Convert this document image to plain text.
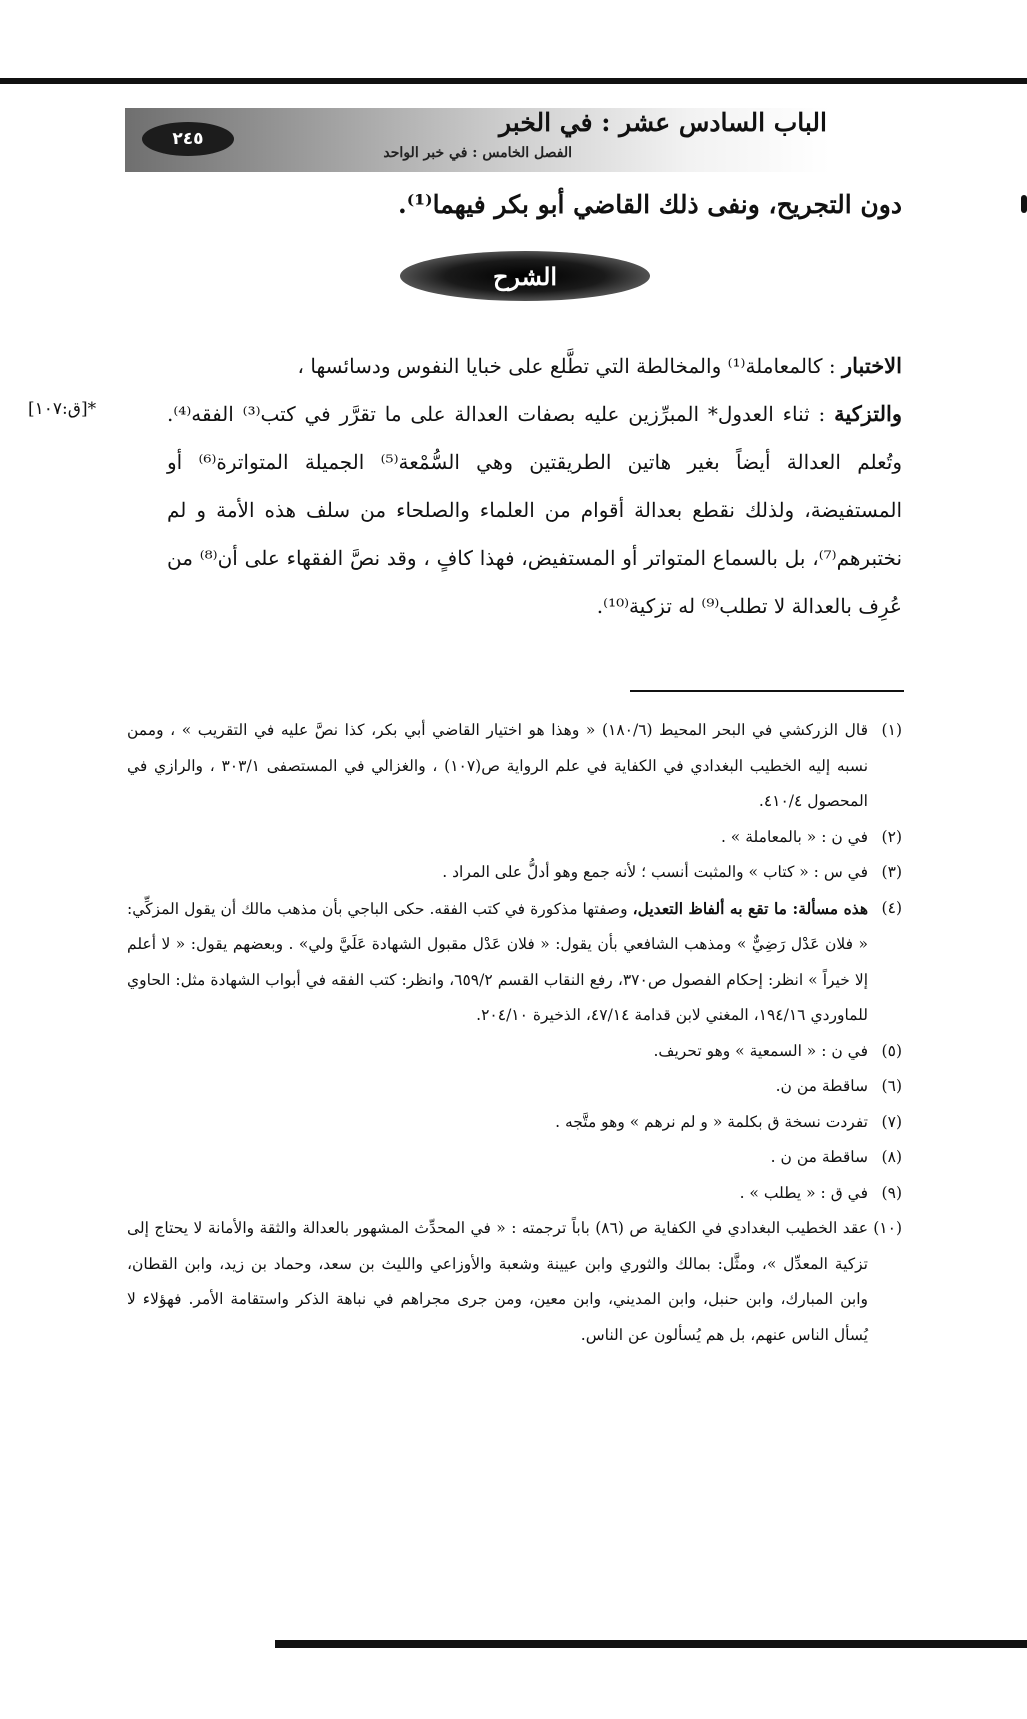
٢٤٥
الباب السادس عشر : في الخبر
الفصل الخامس : في خبر الواحد
دون التجريح، ونفى ذلك القاضي أبو بكر فيهما⁽¹⁾.
الشرح

الاختبار : كالمعاملة⁽¹⁾ والمخالطة التي تطَّلع على خبايا النفوس ودسائسها ،

والتزكية : ثناء العدول* المبرِّزين عليه بصفات العدالة على ما تقرَّر في كتب⁽³⁾ الفقه⁽⁴⁾. وتُعلم العدالة أيضاً بغير هاتين الطريقتين وهي السُّمْعة⁽⁵⁾ الجميلة المتواترة⁽⁶⁾ أو المستفيضة، ولذلك نقطع بعدالة أقوام من العلماء والصلحاء من سلف هذه الأمة و لم نختبرهم⁽⁷⁾، بل بالسماع المتواتر أو المستفيض، فهذا كافٍ ، وقد نصَّ الفقهاء على أن⁽⁸⁾ من عُرِف بالعدالة لا تطلب⁽⁹⁾ له تزكية⁽¹⁰⁾.

*[ق:١٠٧]

(١)
قال الزركشي في البحر المحيط (١٨٠/٦) « وهذا هو اختيار القاضي أبي بكر، كذا نصَّ عليه في التقريب » ، وممن نسبه إليه الخطيب البغدادي في الكفاية في علم الرواية ص(١٠٧) ، والغزالي في المستصفى ٣٠٣/١ ، والرازي في المحصول ٤١٠/٤.

(٢)
في ن : « بالمعاملة » .

(٣)
في س : « كتاب » والمثبت أنسب ؛ لأنه جمع وهو أدلُّ على المراد .

(٤)
هذه مسألة: ما تقع به ألفاظ التعديل، وصفتها مذكورة في كتب الفقه. حكى الباجي بأن مذهب مالك أن يقول المزكِّي: « فلان عَدْل رَضِيٌّ » ومذهب الشافعي بأن يقول: « فلان عَدْل مقبول الشهادة عَلَيَّ ولي» . وبعضهم يقول: « لا أعلم إلا خيراً » انظر: إحكام الفصول ص٣٧٠، رفع النقاب القسم ٦٥٩/٢، وانظر: كتب الفقه في أبواب الشهادة مثل: الحاوي للماوردي ١٩٤/١٦، المغني لابن قدامة ٤٧/١٤، الذخيرة ٢٠٤/١٠.

(٥)
في ن : « السمعية » وهو تحريف.

(٦)
ساقطة من ن.

(٧)
تفردت نسخة ق بكلمة « و لم نرهم » وهو متَّجه .

(٨)
ساقطة من ن .

(٩)
في ق : « يطلب » .

(١٠)
عقد الخطيب البغدادي في الكفاية ص (٨٦) باباً ترجمته : « في المحدِّث المشهور بالعدالة والثقة والأمانة لا يحتاج إلى تزكية المعدِّل »، ومثَّل: بمالك والثوري وابن عيينة وشعبة والأوزاعي والليث بن سعد، وحماد بن زيد، وابن القطان، وابن المبارك، وابن حنبل، وابن المديني، وابن معين، ومن جرى مجراهم في نباهة الذكر واستقامة الأمر. فهؤلاء لا يُسأل الناس عنهم، بل هم يُسألون عن الناس.
